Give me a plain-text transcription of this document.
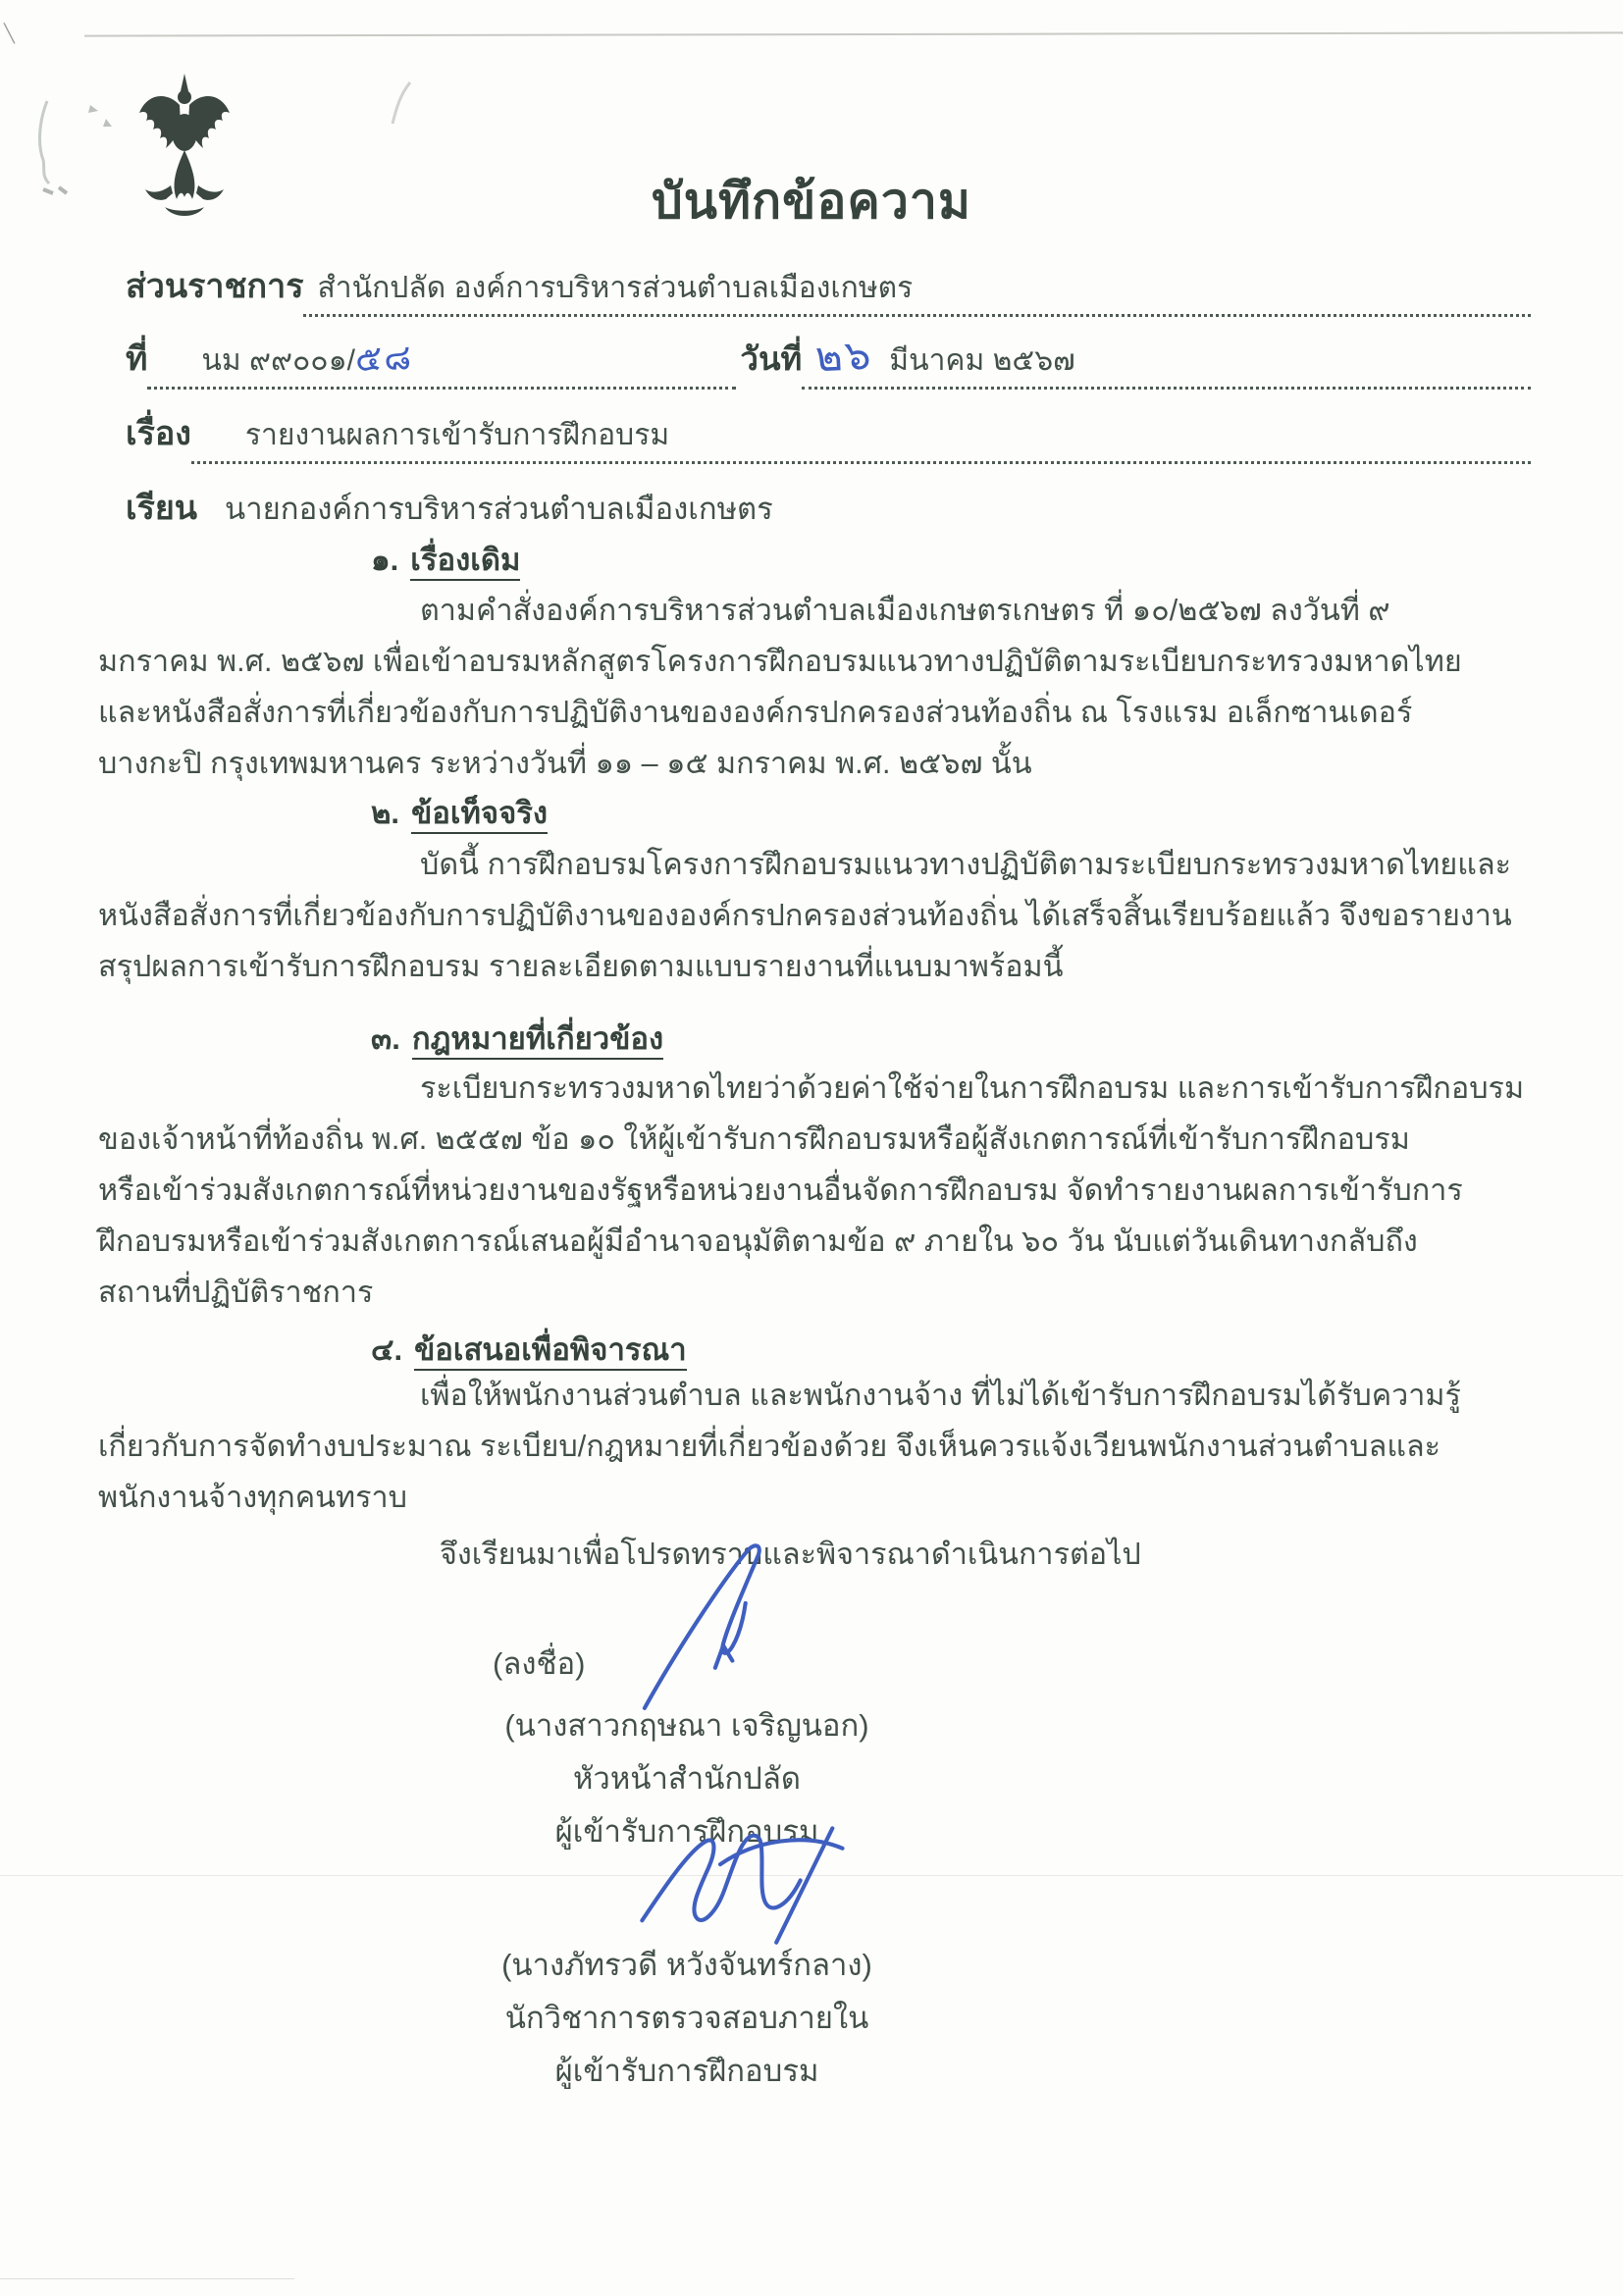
╲
บันทึกข้อความ
ส่วนราชการ สำนักปลัด องค์การบริหารส่วนตำบลเมืองเกษตร
ที่	นม ๙๙๐๐๑/๕๘	วันที่ ๒๖ มีนาคม ๒๕๖๗
เรื่อง	รายงานผลการเข้ารับการฝึกอบรม
เรียน นายกองค์การบริหารส่วนตำบลเมืองเกษตร
๑. เรื่องเดิม
ตามคำสั่งองค์การบริหารส่วนตำบลเมืองเกษตรเกษตร ที่ ๑๐/๒๕๖๗ ลงวันที่ ๙
มกราคม พ.ศ. ๒๕๖๗ เพื่อเข้าอบรมหลักสูตรโครงการฝึกอบรมแนวทางปฏิบัติตามระเบียบกระทรวงมหาดไทย
และหนังสือสั่งการที่เกี่ยวข้องกับการปฏิบัติงานขององค์กรปกครองส่วนท้องถิ่น ณ โรงแรม อเล็กซานเดอร์
บางกะปิ กรุงเทพมหานคร ระหว่างวันที่ ๑๑ – ๑๕ มกราคม พ.ศ. ๒๕๖๗ นั้น
๒. ข้อเท็จจริง
บัดนี้ การฝึกอบรมโครงการฝึกอบรมแนวทางปฏิบัติตามระเบียบกระทรวงมหาดไทยและ
หนังสือสั่งการที่เกี่ยวข้องกับการปฏิบัติงานขององค์กรปกครองส่วนท้องถิ่น ได้เสร็จสิ้นเรียบร้อยแล้ว จึงขอรายงาน
สรุปผลการเข้ารับการฝึกอบรม รายละเอียดตามแบบรายงานที่แนบมาพร้อมนี้
๓. กฎหมายที่เกี่ยวข้อง
ระเบียบกระทรวงมหาดไทยว่าด้วยค่าใช้จ่ายในการฝึกอบรม และการเข้ารับการฝึกอบรม
ของเจ้าหน้าที่ท้องถิ่น พ.ศ. ๒๕๕๗ ข้อ ๑๐ ให้ผู้เข้ารับการฝึกอบรมหรือผู้สังเกตการณ์ที่เข้ารับการฝึกอบรม
หรือเข้าร่วมสังเกตการณ์ที่หน่วยงานของรัฐหรือหน่วยงานอื่นจัดการฝึกอบรม จัดทำรายงานผลการเข้ารับการ
ฝึกอบรมหรือเข้าร่วมสังเกตการณ์เสนอผู้มีอำนาจอนุมัติตามข้อ ๙ ภายใน ๖๐ วัน นับแต่วันเดินทางกลับถึง
สถานที่ปฏิบัติราชการ
๔. ข้อเสนอเพื่อพิจารณา
เพื่อให้พนักงานส่วนตำบล และพนักงานจ้าง ที่ไม่ได้เข้ารับการฝึกอบรมได้รับความรู้
เกี่ยวกับการจัดทำงบประมาณ ระเบียบ/กฎหมายที่เกี่ยวข้องด้วย จึงเห็นควรแจ้งเวียนพนักงานส่วนตำบลและ
พนักงานจ้างทุกคนทราบ
จึงเรียนมาเพื่อโปรดทราบและพิจารณาดำเนินการต่อไป
(ลงชื่อ)
(นางสาวกฤษณา เจริญนอก)
หัวหน้าสำนักปลัด
ผู้เข้ารับการฝึกอบรม
(นางภัทรวดี หวังจันทร์กลาง)
นักวิชาการตรวจสอบภายใน
ผู้เข้ารับการฝึกอบรม
